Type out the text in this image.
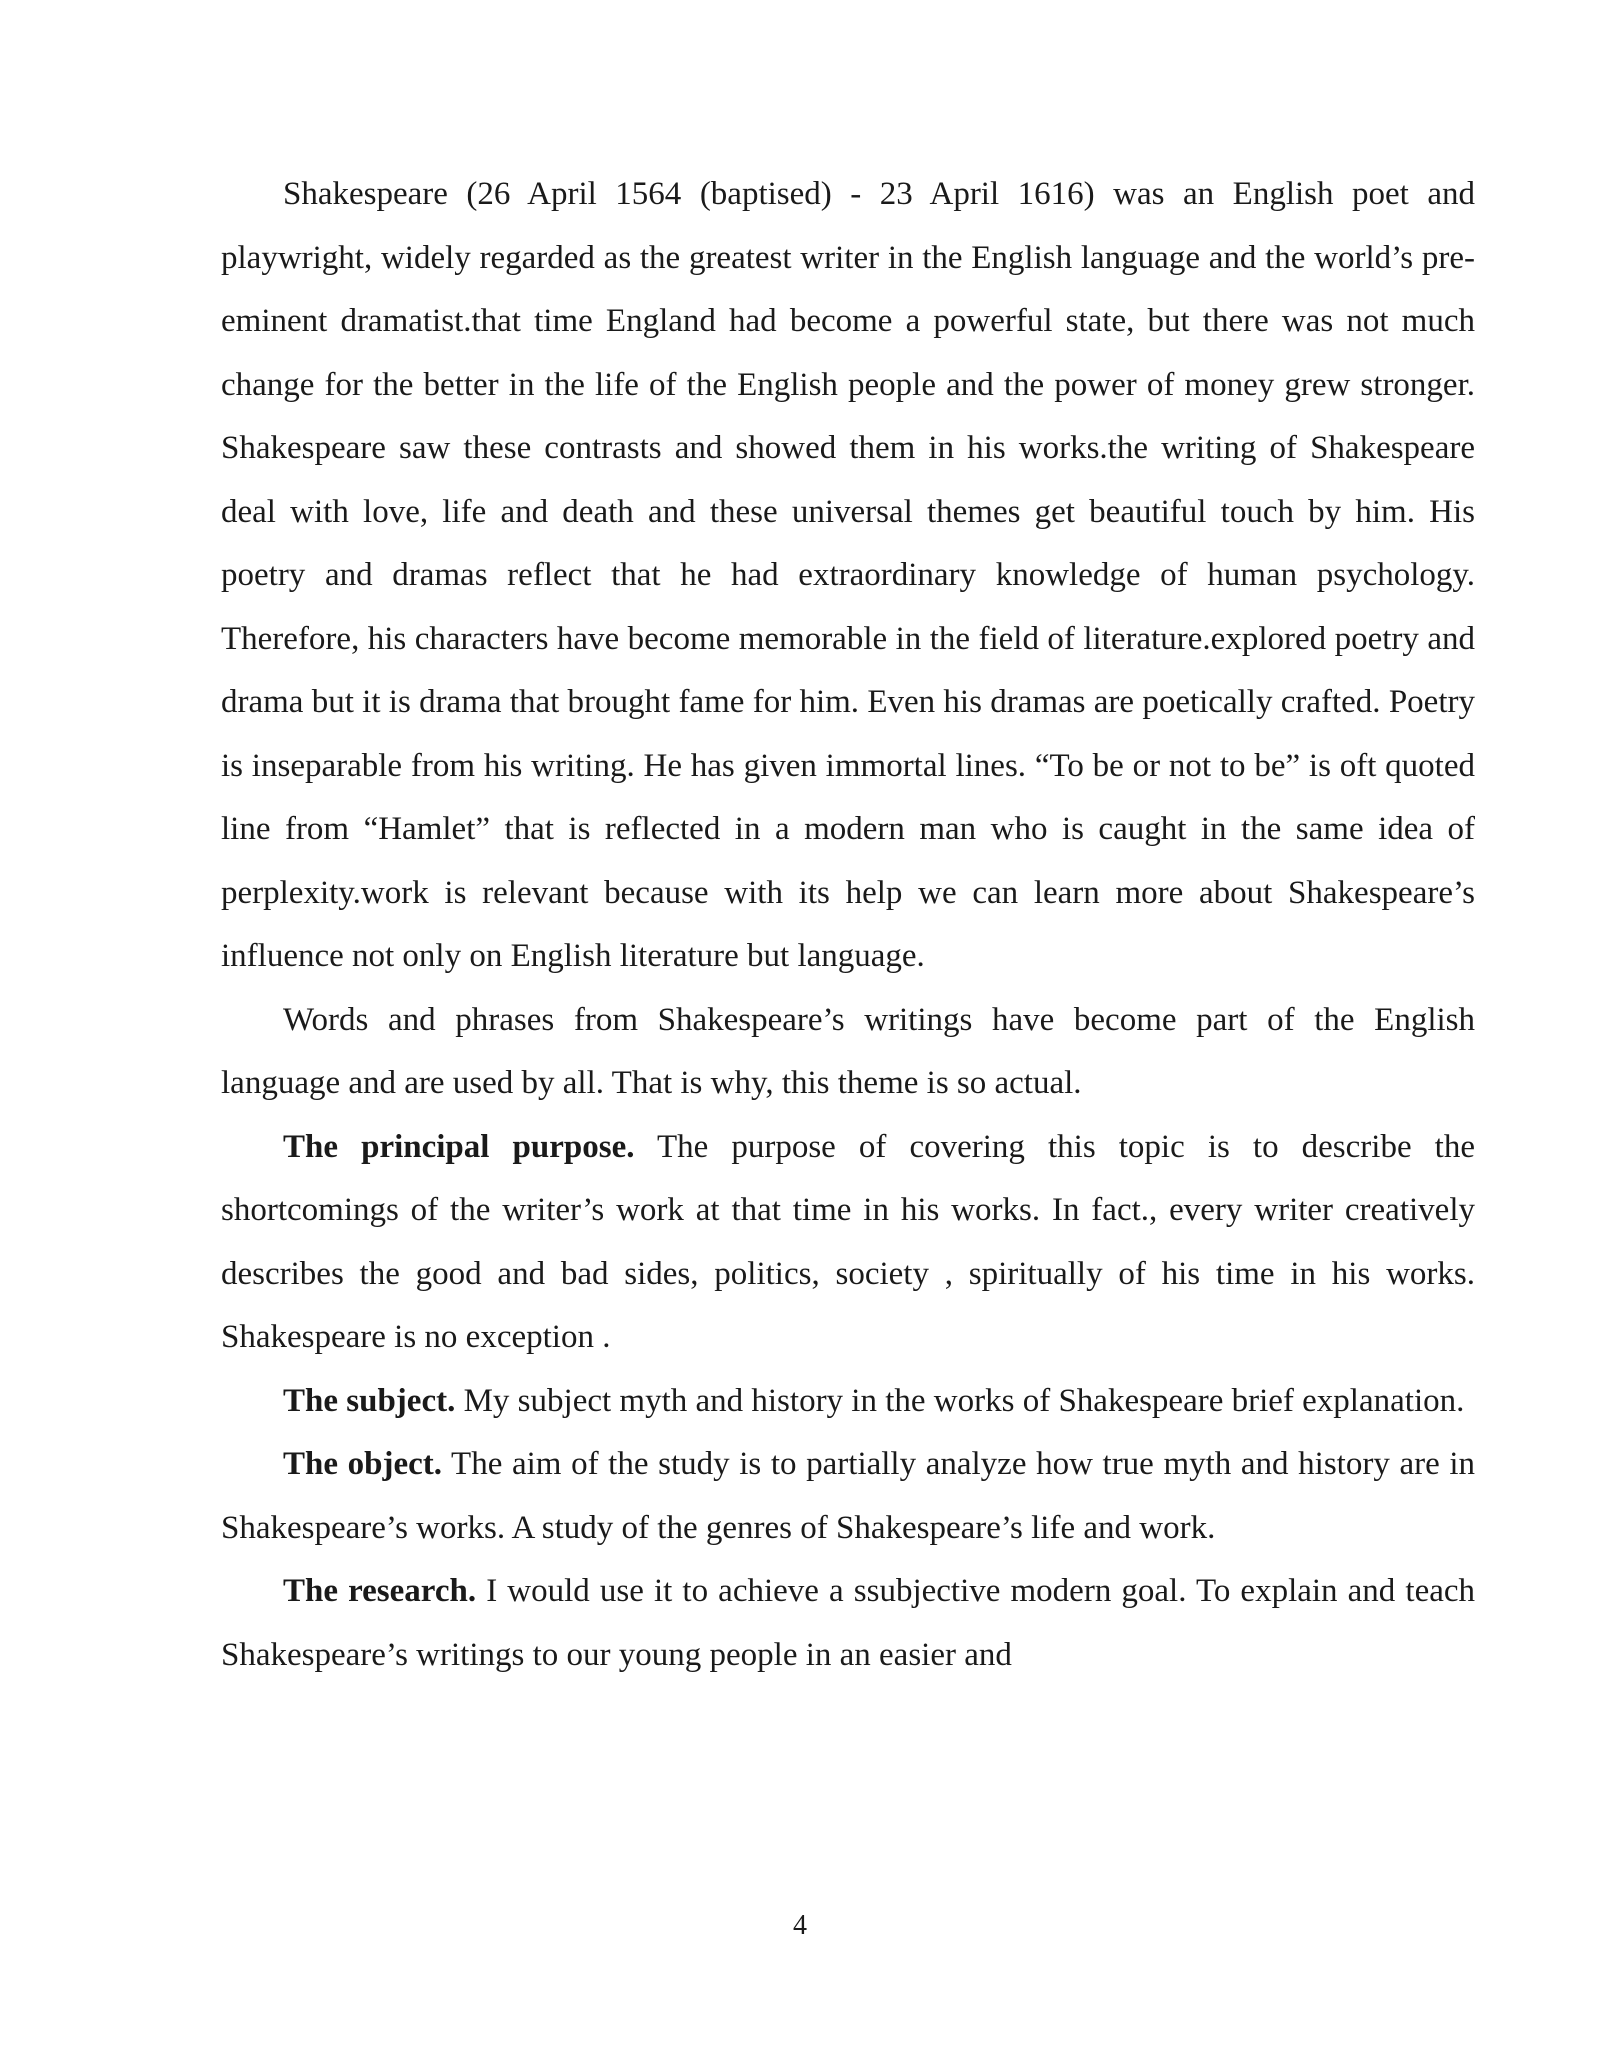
Shakespeare (26 April 1564 (baptised) - 23 April 1616) was an English poet and playwright, widely regarded as the greatest writer in the English language and the world’s pre-eminent dramatist.that time England had become a powerful state, but there was not much change for the better in the life of the English people and the power of money grew stronger. Shakespeare saw these contrasts and showed them in his works.the writing of Shakespeare deal with love, life and death and these universal themes get beautiful touch by him. His poetry and dramas reflect that he had extraordinary knowledge of human psychology. Therefore, his characters have become memorable in the field of literature.explored poetry and drama but it is drama that brought fame for him. Even his dramas are poetically crafted. Poetry is inseparable from his writing. He has given immortal lines. “To be or not to be” is oft quoted line from “Hamlet” that is reflected in a modern man who is caught in the same idea of perplexity.work is relevant because with its help we can learn more about Shakespeare’s influence not only on English literature but language.

Words and phrases from Shakespeare’s writings have become part of the English language and are used by all. That is why, this theme is so actual.

The principal purpose. The purpose of covering this topic is to describe the shortcomings of the writer’s work at that time in his works. In fact., every writer creatively describes the good and bad sides, politics, society , spiritually of his time in his works. Shakespeare is no exception .

The subject. My subject myth and history in the works of Shakespeare brief explanation.

The object. The aim of the study is to partially analyze how true myth and history are in Shakespeare’s works. A study of the genres of Shakespeare’s life and work.

The research. I would use it to achieve a ssubjective modern goal. To explain and teach Shakespeare’s writings to our young people in an easier and

4
